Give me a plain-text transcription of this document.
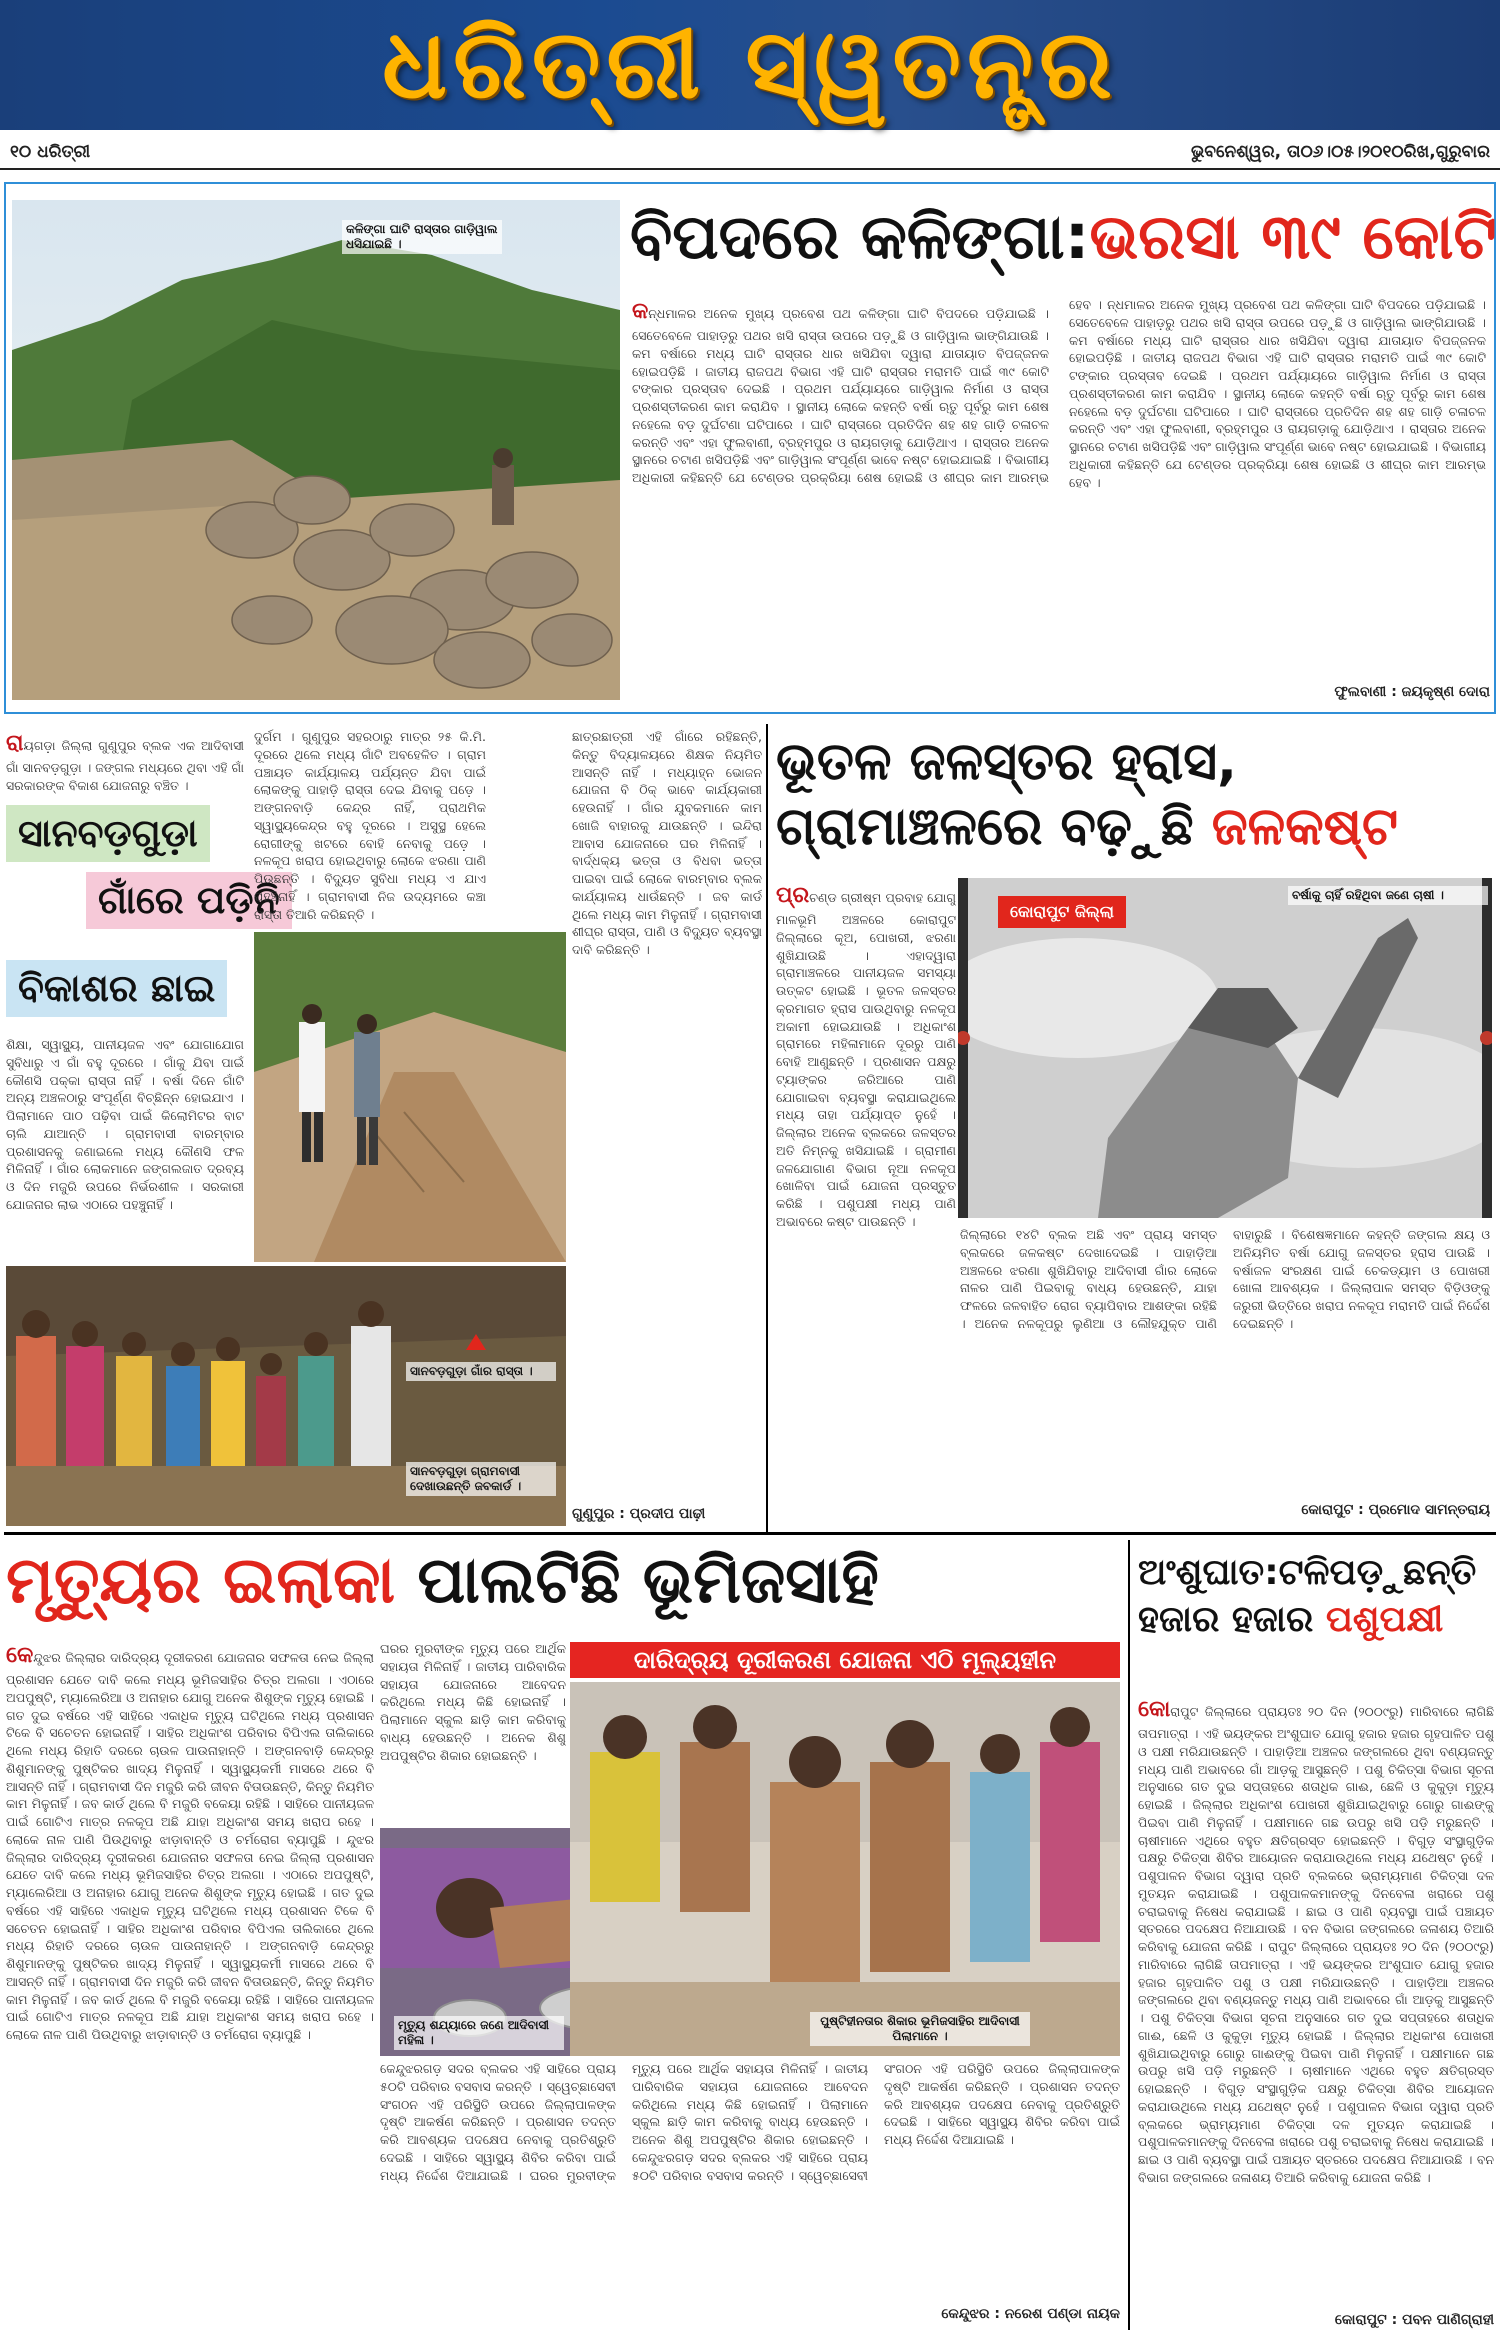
ଧରିତ୍ରୀ ସ୍ୱତନ୍ତ୍ର
୧୦ ଧରିତ୍ରୀ	ଭୁବନେଶ୍ୱର, ତା୦୬।୦୫।୨୦୧୦ରିଖ,ଗୁରୁବାର
କଳିଙ୍ଗା ଘାଟି ରାସ୍ତାର ଗାଡ଼ିୱାଲ ଧସିଯାଇଛି ।	ବିପଦରେ କଳିଙ୍ଗା:ଭରସା ୩୯ କୋଟି
କନ୍ଧମାଳର ଅନେକ ମୁଖ୍ୟ ପ୍ରବେଶ ପଥ କଳିଙ୍ଗା ଘାଟି ବିପଦରେ ପଡ଼ିଯାଇଛି । ସେତେବେଳେ ପାହାଡ଼ରୁ ପଥର ଖସି ରାସ୍ତା ଉପରେ ପଡ଼ୁଛି ଓ ଗାଡ଼ିୱାଲ ଭାଙ୍ଗିଯାଉଛି । କମ ବର୍ଷାରେ ମଧ୍ୟ ଘାଟି ରାସ୍ତାର ଧାର ଖସିଯିବା ଦ୍ୱାରା ଯାତାୟାତ ବିପଜ୍ଜନକ ହୋଇପଡ଼ିଛି । ଜାତୀୟ ରାଜପଥ ବିଭାଗ ଏହି ଘାଟି ରାସ୍ତାର ମରାମତି ପାଇଁ ୩୯ କୋଟି ଟଙ୍କାର ପ୍ରସ୍ତାବ ଦେଇଛି । ପ୍ରଥମ ପର୍ଯ୍ୟାୟରେ ଗାଡ଼ିୱାଲ ନିର୍ମାଣ ଓ ରାସ୍ତା ପ୍ରଶସ୍ତୀକରଣ କାମ କରାଯିବ । ସ୍ଥାନୀୟ ଲୋକେ କହନ୍ତି ବର୍ଷା ଋତୁ ପୂର୍ବରୁ କାମ ଶେଷ ନହେଲେ ବଡ଼ ଦୁର୍ଘଟଣା ଘଟିପାରେ । ଘାଟି ରାସ୍ତାରେ ପ୍ରତିଦିନ ଶହ ଶହ ଗାଡ଼ି ଚଳାଚଳ କରନ୍ତି ଏବଂ ଏହା ଫୁଲବାଣୀ, ବ୍ରହ୍ମପୁର ଓ ରାୟଗଡ଼ାକୁ ଯୋଡ଼ିଥାଏ । ରାସ୍ତାର ଅନେକ ସ୍ଥାନରେ ଚଟାଣ ଖସିପଡ଼ିଛି ଏବଂ ଗାଡ଼ିୱାଲ ସଂପୂର୍ଣ୍ଣ ଭାବେ ନଷ୍ଟ ହୋଇଯାଇଛି । ବିଭାଗୀୟ ଅଧିକାରୀ କହିଛନ୍ତି ଯେ ଟେଣ୍ଡର ପ୍ରକ୍ରିୟା ଶେଷ ହୋଇଛି ଓ ଶୀଘ୍ର କାମ ଆରମ୍ଭ ହେବ । ନ୍ଧମାଳର ଅନେକ ମୁଖ୍ୟ ପ୍ରବେଶ ପଥ କଳିଙ୍ଗା ଘାଟି ବିପଦରେ ପଡ଼ିଯାଇଛି । ସେତେବେଳେ ପାହାଡ଼ରୁ ପଥର ଖସି ରାସ୍ତା ଉପରେ ପଡ଼ୁଛି ଓ ଗାଡ଼ିୱାଲ ଭାଙ୍ଗିଯାଉଛି । କମ ବର୍ଷାରେ ମଧ୍ୟ ଘାଟି ରାସ୍ତାର ଧାର ଖସିଯିବା ଦ୍ୱାରା ଯାତାୟାତ ବିପଜ୍ଜନକ ହୋଇପଡ଼ିଛି । ଜାତୀୟ ରାଜପଥ ବିଭାଗ ଏହି ଘାଟି ରାସ୍ତାର ମରାମତି ପାଇଁ ୩୯ କୋଟି ଟଙ୍କାର ପ୍ରସ୍ତାବ ଦେଇଛି । ପ୍ରଥମ ପର୍ଯ୍ୟାୟରେ ଗାଡ଼ିୱାଲ ନିର୍ମାଣ ଓ ରାସ୍ତା ପ୍ରଶସ୍ତୀକରଣ କାମ କରାଯିବ । ସ୍ଥାନୀୟ ଲୋକେ କହନ୍ତି ବର୍ଷା ଋତୁ ପୂର୍ବରୁ କାମ ଶେଷ ନହେଲେ ବଡ଼ ଦୁର୍ଘଟଣା ଘଟିପାରେ । ଘାଟି ରାସ୍ତାରେ ପ୍ରତିଦିନ ଶହ ଶହ ଗାଡ଼ି ଚଳାଚଳ କରନ୍ତି ଏବଂ ଏହା ଫୁଲବାଣୀ, ବ୍ରହ୍ମପୁର ଓ ରାୟଗଡ଼ାକୁ ଯୋଡ଼ିଥାଏ । ରାସ୍ତାର ଅନେକ ସ୍ଥାନରେ ଚଟାଣ ଖସିପଡ଼ିଛି ଏବଂ ଗାଡ଼ିୱାଲ ସଂପୂର୍ଣ୍ଣ ଭାବେ ନଷ୍ଟ ହୋଇଯାଇଛି । ବିଭାଗୀୟ ଅଧିକାରୀ କହିଛନ୍ତି ଯେ ଟେଣ୍ଡର ପ୍ରକ୍ରିୟା ଶେଷ ହୋଇଛି ଓ ଶୀଘ୍ର କାମ ଆରମ୍ଭ ହେବ ।
ଫୁଲବାଣୀ : ଜୟକୃଷ୍ଣ ଦୋରା
ରାୟଗଡ଼ା ଜିଲ୍ଲା ଗୁଣୁପୁର ବ୍ଲକ ଏକ ଆଦିବାସୀ ଗାଁ ସାନବଡ଼ଗୁଡ଼ା । ଜଙ୍ଗଲ ମଧ୍ୟରେ ଥିବା ଏହି ଗାଁ ସରକାରଙ୍କ ବିକାଶ ଯୋଜନାରୁ ବଞ୍ଚିତ ।
ସାନବଡ଼ଗୁଡ଼ା
ଗାଁରେ ପଡ଼ିନି
ବିକାଶର ଛାଇ
ଶିକ୍ଷା, ସ୍ୱାସ୍ଥ୍ୟ, ପାନୀୟଜଳ ଏବଂ ଯୋଗାଯୋଗ ସୁବିଧାରୁ ଏ ଗାଁ ବହୁ ଦୂରରେ । ଗାଁକୁ ଯିବା ପାଇଁ କୌଣସି ପକ୍କା ରାସ୍ତା ନାହିଁ । ବର୍ଷା ଦିନେ ଗାଁଟି ଅନ୍ୟ ଅଞ୍ଚଳଠାରୁ ସଂପୂର୍ଣ୍ଣ ବିଚ୍ଛିନ୍ନ ହୋଇଯାଏ । ପିଲାମାନେ ପାଠ ପଢ଼ିବା ପାଇଁ କିଲୋମିଟର ବାଟ ଚାଲି ଯାଆନ୍ତି । ଗ୍ରାମବାସୀ ବାରମ୍ବାର ପ୍ରଶାସନକୁ ଜଣାଇଲେ ମଧ୍ୟ କୌଣସି ଫଳ ମିଳିନାହିଁ । ଗାଁର ଲୋକମାନେ ଜଙ୍ଗଲଜାତ ଦ୍ରବ୍ୟ ଓ ଦିନ ମଜୁରି ଉପରେ ନିର୍ଭରଶୀଳ । ସରକାରୀ ଯୋଜନାର ଲାଭ ଏଠାରେ ପହଞ୍ଚୁନାହିଁ ।
ଦୁର୍ଗମ । ଗୁଣୁପୁର ସହରଠାରୁ ମାତ୍ର ୨୫ କି.ମି. ଦୂରରେ ଥିଲେ ମଧ୍ୟ ଗାଁଟି ଅବହେଳିତ । ଗ୍ରାମ ପଞ୍ଚାୟତ କାର୍ଯ୍ୟାଳୟ ପର୍ଯ୍ୟନ୍ତ ଯିବା ପାଇଁ ଲୋକଙ୍କୁ ପାହାଡ଼ି ରାସ୍ତା ଦେଇ ଯିବାକୁ ପଡ଼େ । ଅଙ୍ଗନବାଡ଼ି କେନ୍ଦ୍ର ନାହିଁ, ପ୍ରାଥମିକ ସ୍ୱାସ୍ଥ୍ୟକେନ୍ଦ୍ର ବହୁ ଦୂରରେ । ଅସୁସ୍ଥ ହେଲେ ରୋଗୀଙ୍କୁ ଖଟରେ ବୋହି ନେବାକୁ ପଡ଼େ । ନଳକୂପ ଖରାପ ହୋଇଥିବାରୁ ଲୋକେ ଝରଣା ପାଣି ପିଉଛନ୍ତି । ବିଦ୍ୟୁତ ସୁବିଧା ମଧ୍ୟ ଏ ଯାଏ ପହଞ୍ଚିନାହିଁ । ଗ୍ରାମବାସୀ ନିଜ ଉଦ୍ୟମରେ କଞ୍ଚା ରାସ୍ତା ତିଆରି କରିଛନ୍ତି ।
ଛାତ୍ରଛାତ୍ରୀ ଏହି ଗାଁରେ ରହିଛନ୍ତି, କିନ୍ତୁ ବିଦ୍ୟାଳୟରେ ଶିକ୍ଷକ ନିୟମିତ ଆସନ୍ତି ନାହିଁ । ମଧ୍ୟାହ୍ନ ଭୋଜନ ଯୋଜନା ବି ଠିକ୍ ଭାବେ କାର୍ଯ୍ୟକାରୀ ହେଉନାହିଁ । ଗାଁର ଯୁବକମାନେ କାମ ଖୋଜି ବାହାରକୁ ଯାଉଛନ୍ତି । ଇନ୍ଦିରା ଆବାସ ଯୋଜନାରେ ଘର ମିଳିନାହିଁ । ବାର୍ଦ୍ଧକ୍ୟ ଭତ୍ତା ଓ ବିଧବା ଭତ୍ତା ପାଇବା ପାଇଁ ଲୋକେ ବାରମ୍ବାର ବ୍ଲକ କାର୍ଯ୍ୟାଳୟ ଧାଉଁଛନ୍ତି । ଜବ କାର୍ଡ ଥିଲେ ମଧ୍ୟ କାମ ମିଳୁନାହିଁ । ଗ୍ରାମବାସୀ ଶୀଘ୍ର ରାସ୍ତା, ପାଣି ଓ ବିଦ୍ୟୁତ ବ୍ୟବସ୍ଥା ଦାବି କରିଛନ୍ତି ।
ସାନବଡ଼ଗୁଡ଼ା ଗାଁର ରାସ୍ତା ।
ସାନବଡ଼ଗୁଡ଼ା ଗ୍ରାମବାସୀ ଦେଖାଉଛନ୍ତି ଜବକାର୍ଡ ।
ଗୁଣୁପୁର : ପ୍ରଦୀପ ପାଢ଼ୀ
ଭୂତଳ ଜଳସ୍ତର ହ୍ରାସ,
ଗ୍ରାମାଞ୍ଚଳରେ ବଢ଼ୁଛି ଜଳକଷ୍ଟ
ପ୍ରଚଣ୍ଡ ଗ୍ରୀଷ୍ମ ପ୍ରବାହ ଯୋଗୁ ମାଳଭୂମି ଅଞ୍ଚଳରେ କୋରାପୁଟ ଜିଲ୍ଲାରେ କୂଅ, ପୋଖରୀ, ଝରଣା ଶୁଖିଯାଉଛି । ଏହାଦ୍ୱାରା ଗ୍ରାମାଞ୍ଚଳରେ ପାନୀୟଜଳ ସମସ୍ୟା ଉତ୍କଟ ହୋଇଛି । ଭୂତଳ ଜଳସ୍ତର କ୍ରମାଗତ ହ୍ରାସ ପାଉଥିବାରୁ ନଳକୂପ ଅକାମୀ ହୋଇଯାଉଛି । ଅଧିକାଂଶ ଗ୍ରାମରେ ମହିଳାମାନେ ଦୂରରୁ ପାଣି ବୋହି ଆଣୁଛନ୍ତି । ପ୍ରଶାସନ ପକ୍ଷରୁ ଟ୍ୟାଙ୍କର ଜରିଆରେ ପାଣି ଯୋଗାଇବା ବ୍ୟବସ୍ଥା କରାଯାଇଥିଲେ ମଧ୍ୟ ତାହା ପର୍ଯ୍ୟାପ୍ତ ନୁହେଁ । ଜିଲ୍ଲାର ଅନେକ ବ୍ଲକରେ ଜଳସ୍ତର ଅତି ନିମ୍ନକୁ ଖସିଯାଇଛି । ଗ୍ରାମୀଣ ଜଳଯୋଗାଣ ବିଭାଗ ନୂଆ ନଳକୂପ ଖୋଳିବା ପାଇଁ ଯୋଜନା ପ୍ରସ୍ତୁତ କରିଛି । ପଶୁପକ୍ଷୀ ମଧ୍ୟ ପାଣି ଅଭାବରେ କଷ୍ଟ ପାଉଛନ୍ତି ।
କୋରାପୁଟ ଜିଲ୍ଲା
ବର୍ଷାକୁ ଚାହିଁ ରହିଥିବା ଜଣେ ଚାଷୀ ।
ଜିଲ୍ଲାରେ ୧୪ଟି ବ୍ଲକ ଅଛି ଏବଂ ପ୍ରାୟ ସମସ୍ତ ବ୍ଲକରେ ଜଳକଷ୍ଟ ଦେଖାଦେଇଛି । ପାହାଡ଼ିଆ ଅଞ୍ଚଳରେ ଝରଣା ଶୁଖିଯିବାରୁ ଆଦିବାସୀ ଗାଁର ଲୋକେ ନାଳର ପାଣି ପିଇବାକୁ ବାଧ୍ୟ ହେଉଛନ୍ତି, ଯାହା ଫଳରେ ଜଳବାହିତ ରୋଗ ବ୍ୟାପିବାର ଆଶଙ୍କା ରହିଛି । ଅନେକ ନଳକୂପରୁ ଲୁଣିଆ ଓ ଲୌହଯୁକ୍ତ ପାଣି ବାହାରୁଛି । ବିଶେଷଜ୍ଞମାନେ କହନ୍ତି ଜଙ୍ଗଲ କ୍ଷୟ ଓ ଅନିୟମିତ ବର୍ଷା ଯୋଗୁ ଜଳସ୍ତର ହ୍ରାସ ପାଉଛି । ବର୍ଷାଜଳ ସଂରକ୍ଷଣ ପାଇଁ ଚେକଡ୍ୟାମ ଓ ପୋଖରୀ ଖୋଳା ଆବଶ୍ୟକ । ଜିଲ୍ଲାପାଳ ସମସ୍ତ ବିଡ଼ିଓଙ୍କୁ ଜରୁରୀ ଭିତ୍ତିରେ ଖରାପ ନଳକୂପ ମରାମତି ପାଇଁ ନିର୍ଦ୍ଦେଶ ଦେଇଛନ୍ତି ।
କୋରାପୁଟ : ପ୍ରମୋଦ ସାମନ୍ତରାୟ
ମୃତ୍ୟୁର ଇଲାକା ପାଲଟିଛି ଭୂମିଜସାହି
କେନ୍ଦୁଝର ଜିଲ୍ଲାର ଦାରିଦ୍ର୍ୟ ଦୂରୀକରଣ ଯୋଜନାର ସଫଳତା ନେଇ ଜିଲ୍ଲା ପ୍ରଶାସନ ଯେତେ ଦାବି କଲେ ମଧ୍ୟ ଭୂମିଜସାହିର ଚିତ୍ର ଅଲଗା । ଏଠାରେ ଅପପୁଷ୍ଟି, ମ୍ୟାଲେରିଆ ଓ ଅନାହାର ଯୋଗୁ ଅନେକ ଶିଶୁଙ୍କ ମୃତ୍ୟୁ ହୋଇଛି । ଗତ ଦୁଇ ବର୍ଷରେ ଏହି ସାହିରେ ଏକାଧିକ ମୃତ୍ୟୁ ଘଟିଥିଲେ ମଧ୍ୟ ପ୍ରଶାସନ ଟିକେ ବି ସଚେତନ ହୋଇନାହିଁ । ସାହିର ଅଧିକାଂଶ ପରିବାର ବିପିଏଲ ତାଲିକାରେ ଥିଲେ ମଧ୍ୟ ରିହାତି ଦରରେ ଚାଉଳ ପାଉନାହାନ୍ତି । ଅଙ୍ଗନବାଡ଼ି କେନ୍ଦ୍ରରୁ ଶିଶୁମାନଙ୍କୁ ପୁଷ୍ଟିକର ଖାଦ୍ୟ ମିଳୁନାହିଁ । ସ୍ୱାସ୍ଥ୍ୟକର୍ମୀ ମାସରେ ଥରେ ବି ଆସନ୍ତି ନାହିଁ । ଗ୍ରାମବାସୀ ଦିନ ମଜୁରି କରି ଜୀବନ ବିତାଉଛନ୍ତି, କିନ୍ତୁ ନିୟମିତ କାମ ମିଳୁନାହିଁ । ଜବ କାର୍ଡ ଥିଲେ ବି ମଜୁରି ବକେୟା ରହିଛି । ସାହିରେ ପାନୀୟଜଳ ପାଇଁ ଗୋଟିଏ ମାତ୍ର ନଳକୂପ ଅଛି ଯାହା ଅଧିକାଂଶ ସମୟ ଖରାପ ରହେ । ଲୋକେ ନାଳ ପାଣି ପିଉଥିବାରୁ ଝାଡ଼ାବାନ୍ତି ଓ ଚର୍ମରୋଗ ବ୍ୟାପୁଛି । ନ୍ଦୁଝର ଜିଲ୍ଲାର ଦାରିଦ୍ର୍ୟ ଦୂରୀକରଣ ଯୋଜନାର ସଫଳତା ନେଇ ଜିଲ୍ଲା ପ୍ରଶାସନ ଯେତେ ଦାବି କଲେ ମଧ୍ୟ ଭୂମିଜସାହିର ଚିତ୍ର ଅଲଗା । ଏଠାରେ ଅପପୁଷ୍ଟି, ମ୍ୟାଲେରିଆ ଓ ଅନାହାର ଯୋଗୁ ଅନେକ ଶିଶୁଙ୍କ ମୃତ୍ୟୁ ହୋଇଛି । ଗତ ଦୁଇ ବର୍ଷରେ ଏହି ସାହିରେ ଏକାଧିକ ମୃତ୍ୟୁ ଘଟିଥିଲେ ମଧ୍ୟ ପ୍ରଶାସନ ଟିକେ ବି ସଚେତନ ହୋଇନାହିଁ । ସାହିର ଅଧିକାଂଶ ପରିବାର ବିପିଏଲ ତାଲିକାରେ ଥିଲେ ମଧ୍ୟ ରିହାତି ଦରରେ ଚାଉଳ ପାଉନାହାନ୍ତି । ଅଙ୍ଗନବାଡ଼ି କେନ୍ଦ୍ରରୁ ଶିଶୁମାନଙ୍କୁ ପୁଷ୍ଟିକର ଖାଦ୍ୟ ମିଳୁନାହିଁ । ସ୍ୱାସ୍ଥ୍ୟକର୍ମୀ ମାସରେ ଥରେ ବି ଆସନ୍ତି ନାହିଁ । ଗ୍ରାମବାସୀ ଦିନ ମଜୁରି କରି ଜୀବନ ବିତାଉଛନ୍ତି, କିନ୍ତୁ ନିୟମିତ କାମ ମିଳୁନାହିଁ । ଜବ କାର୍ଡ ଥିଲେ ବି ମଜୁରି ବକେୟା ରହିଛି । ସାହିରେ ପାନୀୟଜଳ ପାଇଁ ଗୋଟିଏ ମାତ୍ର ନଳକୂପ ଅଛି ଯାହା ଅଧିକାଂଶ ସମୟ ଖରାପ ରହେ । ଲୋକେ ନାଳ ପାଣି ପିଉଥିବାରୁ ଝାଡ଼ାବାନ୍ତି ଓ ଚର୍ମରୋଗ ବ୍ୟାପୁଛି ।
ଘରର ମୁରବୀଙ୍କ ମୃତ୍ୟୁ ପରେ ଆର୍ଥିକ ସହାୟତା ମିଳିନାହିଁ । ଜାତୀୟ ପାରିବାରିକ ସହାୟତା ଯୋଜନାରେ ଆବେଦନ କରିଥିଲେ ମଧ୍ୟ କିଛି ହୋଇନାହିଁ । ପିଲାମାନେ ସ୍କୁଲ ଛାଡ଼ି କାମ କରିବାକୁ ବାଧ୍ୟ ହେଉଛନ୍ତି । ଅନେକ ଶିଶୁ ଅପପୁଷ୍ଟିର ଶିକାର ହୋଇଛନ୍ତି ।
ଦାରିଦ୍ର୍ୟ ଦୂରୀକରଣ ଯୋଜନା ଏଠି ମୂଲ୍ୟହୀନ
ମୃତ୍ୟୁ ଶଯ୍ୟାରେ ଜଣେ ଆଦିବାସୀ ମହିଳା ।
ପୁଷ୍ଟିହୀନତାର ଶିକାର ଭୂମିଜସାହିର ଆଦିବାସୀ ପିଲାମାନେ ।
କେନ୍ଦୁଝରଗଡ଼ ସଦର ବ୍ଲକର ଏହି ସାହିରେ ପ୍ରାୟ ୫୦ଟି ପରିବାର ବସବାସ କରନ୍ତି । ସ୍ୱେଚ୍ଛାସେବୀ ସଂଗଠନ ଏହି ପରିସ୍ଥିତି ଉପରେ ଜିଲ୍ଲାପାଳଙ୍କ ଦୃଷ୍ଟି ଆକର୍ଷଣ କରିଛନ୍ତି । ପ୍ରଶାସନ ତଦନ୍ତ କରି ଆବଶ୍ୟକ ପଦକ୍ଷେପ ନେବାକୁ ପ୍ରତିଶ୍ରୁତି ଦେଇଛି । ସାହିରେ ସ୍ୱାସ୍ଥ୍ୟ ଶିବିର କରିବା ପାଇଁ ମଧ୍ୟ ନିର୍ଦ୍ଦେଶ ଦିଆଯାଇଛି । ଘରର ମୁରବୀଙ୍କ ମୃତ୍ୟୁ ପରେ ଆର୍ଥିକ ସହାୟତା ମିଳିନାହିଁ । ଜାତୀୟ ପାରିବାରିକ ସହାୟତା ଯୋଜନାରେ ଆବେଦନ କରିଥିଲେ ମଧ୍ୟ କିଛି ହୋଇନାହିଁ । ପିଲାମାନେ ସ୍କୁଲ ଛାଡ଼ି କାମ କରିବାକୁ ବାଧ୍ୟ ହେଉଛନ୍ତି । ଅନେକ ଶିଶୁ ଅପପୁଷ୍ଟିର ଶିକାର ହୋଇଛନ୍ତି । କେନ୍ଦୁଝରଗଡ଼ ସଦର ବ୍ଲକର ଏହି ସାହିରେ ପ୍ରାୟ ୫୦ଟି ପରିବାର ବସବାସ କରନ୍ତି । ସ୍ୱେଚ୍ଛାସେବୀ ସଂଗଠନ ଏହି ପରିସ୍ଥିତି ଉପରେ ଜିଲ୍ଲାପାଳଙ୍କ ଦୃଷ୍ଟି ଆକର୍ଷଣ କରିଛନ୍ତି । ପ୍ରଶାସନ ତଦନ୍ତ କରି ଆବଶ୍ୟକ ପଦକ୍ଷେପ ନେବାକୁ ପ୍ରତିଶ୍ରୁତି ଦେଇଛି । ସାହିରେ ସ୍ୱାସ୍ଥ୍ୟ ଶିବିର କରିବା ପାଇଁ ମଧ୍ୟ ନିର୍ଦ୍ଦେଶ ଦିଆଯାଇଛି ।
କେନ୍ଦୁଝର : ନରେଶ ପଣ୍ଡା ନାୟକ
ଅଂଶୁଘାତ:ଟଳିପଡ଼ୁଛନ୍ତି
ହଜାର ହଜାର ପଶୁପକ୍ଷୀ
କୋରାପୁଟ ଜିଲ୍ଲାରେ ପ୍ରାୟତଃ ୨୦ ଦିନ (୨୦୦୯ରୁ) ମାରିବାରେ ଲାଗିଛି ତାପମାତ୍ରା । ଏହି ଭୟଙ୍କର ଅଂଶୁଘାତ ଯୋଗୁ ହଜାର ହଜାର ଗୃହପାଳିତ ପଶୁ ଓ ପକ୍ଷୀ ମରିଯାଉଛନ୍ତି । ପାହାଡ଼ିଆ ଅଞ୍ଚଳର ଜଙ୍ଗଲରେ ଥିବା ବଣ୍ୟଜନ୍ତୁ ମଧ୍ୟ ପାଣି ଅଭାବରେ ଗାଁ ଆଡ଼କୁ ଆସୁଛନ୍ତି । ପଶୁ ଚିକିତ୍ସା ବିଭାଗ ସୂଚନା ଅନୁସାରେ ଗତ ଦୁଇ ସପ୍ତାହରେ ଶତାଧିକ ଗାଈ, ଛେଳି ଓ କୁକୁଡ଼ା ମୃତ୍ୟୁ ହୋଇଛି । ଜିଲ୍ଲାର ଅଧିକାଂଶ ପୋଖରୀ ଶୁଖିଯାଇଥିବାରୁ ଗୋରୁ ଗାଈଙ୍କୁ ପିଇବା ପାଣି ମିଳୁନାହିଁ । ପକ୍ଷୀମାନେ ଗଛ ଉପରୁ ଖସି ପଡ଼ି ମରୁଛନ୍ତି । ଚାଷୀମାନେ ଏଥିରେ ବହୁତ କ୍ଷତିଗ୍ରସ୍ତ ହୋଇଛନ୍ତି । ବିଗୁଡ଼ ସଂସ୍ଥାଗୁଡ଼ିକ ପକ୍ଷରୁ ଚିକିତ୍ସା ଶିବିର ଆୟୋଜନ କରାଯାଉଥିଲେ ମଧ୍ୟ ଯଥେଷ୍ଟ ନୁହେଁ । ପଶୁପାଳନ ବିଭାଗ ଦ୍ୱାରା ପ୍ରତି ବ୍ଲକରେ ଭ୍ରାମ୍ୟମାଣ ଚିକିତ୍ସା ଦଳ ମୁତୟନ କରାଯାଇଛି । ପଶୁପାଳକମାନଙ୍କୁ ଦିନବେଳା ଖରାରେ ପଶୁ ଚରାଇବାକୁ ନିଷେଧ କରାଯାଇଛି । ଛାଇ ଓ ପାଣି ବ୍ୟବସ୍ଥା ପାଇଁ ପଞ୍ଚାୟତ ସ୍ତରରେ ପଦକ୍ଷେପ ନିଆଯାଉଛି । ବନ ବିଭାଗ ଜଙ୍ଗଲରେ ଜଳାଶୟ ତିଆରି କରିବାକୁ ଯୋଜନା କରିଛି । ରାପୁଟ ଜିଲ୍ଲାରେ ପ୍ରାୟତଃ ୨୦ ଦିନ (୨୦୦୯ରୁ) ମାରିବାରେ ଲାଗିଛି ତାପମାତ୍ରା । ଏହି ଭୟଙ୍କର ଅଂଶୁଘାତ ଯୋଗୁ ହଜାର ହଜାର ଗୃହପାଳିତ ପଶୁ ଓ ପକ୍ଷୀ ମରିଯାଉଛନ୍ତି । ପାହାଡ଼ିଆ ଅଞ୍ଚଳର ଜଙ୍ଗଲରେ ଥିବା ବଣ୍ୟଜନ୍ତୁ ମଧ୍ୟ ପାଣି ଅଭାବରେ ଗାଁ ଆଡ଼କୁ ଆସୁଛନ୍ତି । ପଶୁ ଚିକିତ୍ସା ବିଭାଗ ସୂଚନା ଅନୁସାରେ ଗତ ଦୁଇ ସପ୍ତାହରେ ଶତାଧିକ ଗାଈ, ଛେଳି ଓ କୁକୁଡ଼ା ମୃତ୍ୟୁ ହୋଇଛି । ଜିଲ୍ଲାର ଅଧିକାଂଶ ପୋଖରୀ ଶୁଖିଯାଇଥିବାରୁ ଗୋରୁ ଗାଈଙ୍କୁ ପିଇବା ପାଣି ମିଳୁନାହିଁ । ପକ୍ଷୀମାନେ ଗଛ ଉପରୁ ଖସି ପଡ଼ି ମରୁଛନ୍ତି । ଚାଷୀମାନେ ଏଥିରେ ବହୁତ କ୍ଷତିଗ୍ରସ୍ତ ହୋଇଛନ୍ତି । ବିଗୁଡ଼ ସଂସ୍ଥାଗୁଡ଼ିକ ପକ୍ଷରୁ ଚିକିତ୍ସା ଶିବିର ଆୟୋଜନ କରାଯାଉଥିଲେ ମଧ୍ୟ ଯଥେଷ୍ଟ ନୁହେଁ । ପଶୁପାଳନ ବିଭାଗ ଦ୍ୱାରା ପ୍ରତି ବ୍ଲକରେ ଭ୍ରାମ୍ୟମାଣ ଚିକିତ୍ସା ଦଳ ମୁତୟନ କରାଯାଇଛି । ପଶୁପାଳକମାନଙ୍କୁ ଦିନବେଳା ଖରାରେ ପଶୁ ଚରାଇବାକୁ ନିଷେଧ କରାଯାଇଛି । ଛାଇ ଓ ପାଣି ବ୍ୟବସ୍ଥା ପାଇଁ ପଞ୍ଚାୟତ ସ୍ତରରେ ପଦକ୍ଷେପ ନିଆଯାଉଛି । ବନ ବିଭାଗ ଜଙ୍ଗଲରେ ଜଳାଶୟ ତିଆରି କରିବାକୁ ଯୋଜନା କରିଛି ।
କୋରାପୁଟ : ପବନ ପାଣିଗ୍ରାହୀ
